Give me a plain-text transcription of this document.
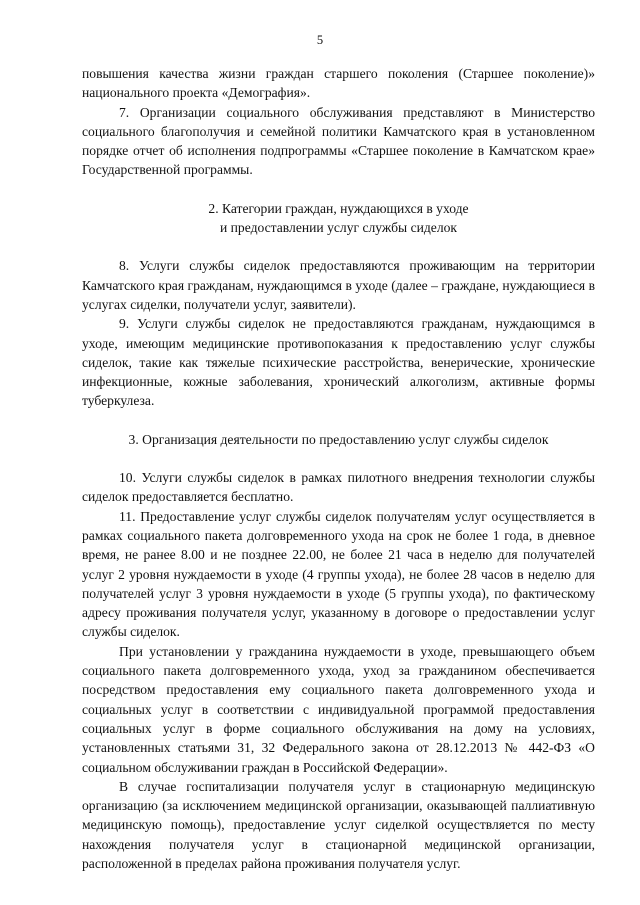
5

повышения качества жизни граждан старшего поколения (Старшее поколение)» национального проекта «Демография».

7. Организации социального обслуживания представляют в Министерство социального благополучия и семейной политики Камчатского края в установленном порядке отчет об исполнения подпрограммы «Старшее поколение в Камчатском крае» Государственной программы.

2. Категории граждан, нуждающихся в уходе

и предоставлении услуг службы сиделок

8. Услуги службы сиделок предоставляются проживающим на территории Камчатского края гражданам, нуждающимся в уходе (далее – граждане, нуждающиеся в услугах сиделки, получатели услуг, заявители).

9. Услуги службы сиделок не предоставляются гражданам, нуждающимся в уходе, имеющим медицинские противопоказания к предоставлению услуг службы сиделок, такие как тяжелые психические расстройства, венерические, хронические инфекционные, кожные заболевания, хронический алкоголизм, активные формы туберкулеза.

3. Организация деятельности по предоставлению услуг службы сиделок

10. Услуги службы сиделок в рамках пилотного внедрения технологии службы сиделок предоставляется бесплатно.

11. Предоставление услуг службы сиделок получателям услуг осуществляется в рамках социального пакета долговременного ухода на срок не более 1 года, в дневное время, не ранее 8.00 и не позднее 22.00, не более 21 часа в неделю для получателей услуг 2 уровня нуждаемости в уходе (4 группы ухода), не более 28 часов в неделю для получателей услуг 3 уровня нуждаемости в уходе (5 группы ухода), по фактическому адресу проживания получателя услуг, указанному в договоре о предоставлении услуг службы сиделок.

При установлении у гражданина нуждаемости в уходе, превышающего объем социального пакета долговременного ухода, уход за гражданином обеспечивается посредством предоставления ему социального пакета долговременного ухода и социальных услуг в соответствии с индивидуальной программой предоставления социальных услуг в форме социального обслуживания на дому на условиях, установленных статьями 31, 32 Федерального закона от 28.12.2013 № 442-ФЗ «О социальном обслуживании граждан в Российской Федерации».

В случае госпитализации получателя услуг в стационарную медицинскую организацию (за исключением медицинской организации, оказывающей паллиативную медицинскую помощь), предоставление услуг сиделкой осуществляется по месту нахождения получателя услуг в стационарной медицинской организации, расположенной в пределах района проживания получателя услуг.
